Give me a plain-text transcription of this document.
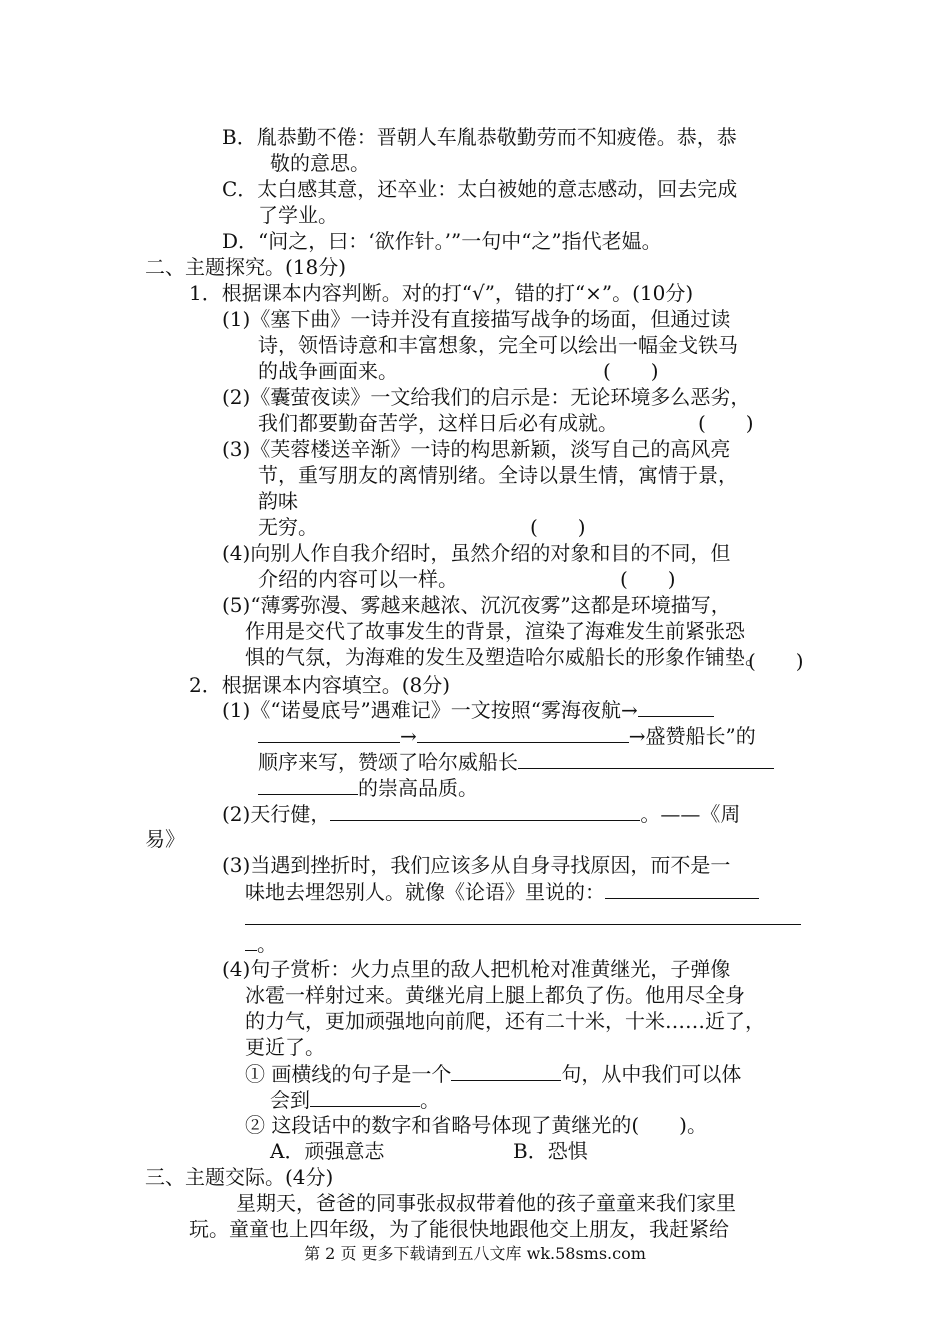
B．胤恭勤不倦：晋朝人车胤恭敬勤劳而不知疲倦。恭，恭
敬的意思。
C．太白感其意，还卒业：太白被她的意志感动，回去完成
了学业。
D．“问之，曰：‘欲作针。’”一句中“之”指代老媪。
二、主题探究。(18分)
1．根据课本内容判断。对的打“√”，错的打“×”。(10分)
(1)《塞下曲》一诗并没有直接描写战争的场面，但通过读
诗，领悟诗意和丰富想象，完全可以绘出一幅金戈铁马
的战争画面来。	(　　)
(2)《囊萤夜读》一文给我们的启示是：无论环境多么恶劣，
我们都要勤奋苦学，这样日后必有成就。	(　　)
(3)《芙蓉楼送辛渐》一诗的构思新颖，淡写自己的高风亮
节，重写朋友的离情别绪。全诗以景生情，寓情于景，
韵味
无穷。	(　　)
(4)向别人作自我介绍时，虽然介绍的对象和目的不同，但
介绍的内容可以一样。	(　　)
(5)“薄雾弥漫、雾越来越浓、沉沉夜雾”这都是环境描写，
作用是交代了故事发生的背景，渲染了海难发生前紧张恐
惧的气氛，为海难的发生及塑造哈尔威船长的形象作铺垫。
(　　)
2．根据课本内容填空。(8分)
(1)《“诺曼底号”遇难记》一文按照“雾海夜航→
→	→盛赞船长”的
顺序来写，赞颂了哈尔威船长
的崇高品质。
(2)天行健，	。——《周
易》
(3)当遇到挫折时，我们应该多从自身寻找原因，而不是一
味地去埋怨别人。就像《论语》里说的：
。
(4)句子赏析：火力点里的敌人把机枪对准黄继光，子弹像
冰雹一样射过来。黄继光肩上腿上都负了伤。他用尽全身
的力气，更加顽强地向前爬，还有二十米，十米……近了，
更近了。
① 画横线的句子是一个	句，从中我们可以体
会到	。
② 这段话中的数字和省略号体现了黄继光的(　　)。
A．顽强意志	B．恐惧
三、主题交际。(4分)
星期天，爸爸的同事张叔叔带着他的孩子童童来我们家里
第 2 页 更多下载请到五八文库 wk.58sms.com
玩。童童也上四年级，为了能很快地跟他交上朋友，我赶紧给
